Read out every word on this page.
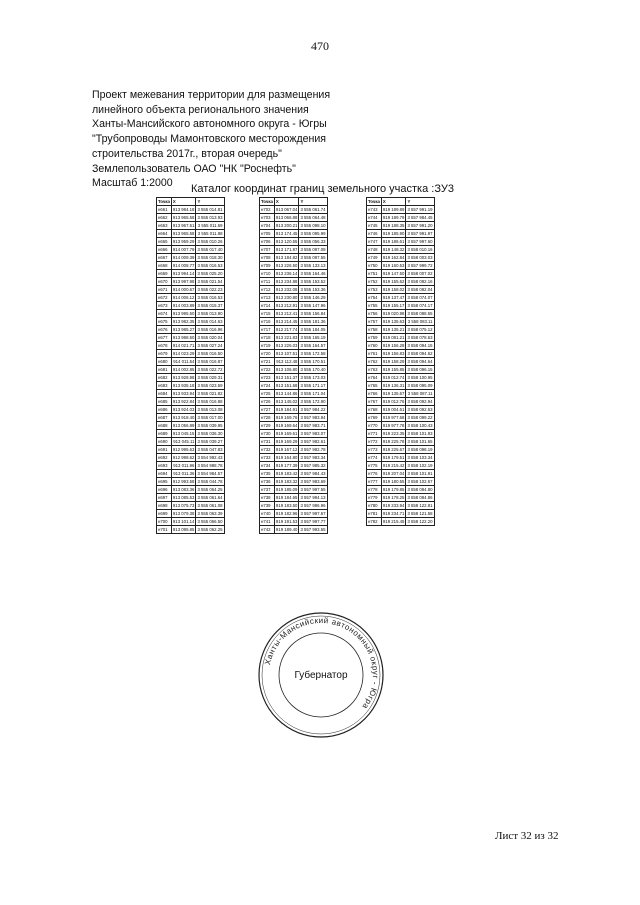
470
Проект межевания территории для размещения
линейного объекта регионального значения
Ханты-Мансийского автономного округа - Югры
"Трубопроводы Мамонтовского месторождения
строительства 2017г., вторая очередь"
Землепользователь ОАО "НК "Роснефть"
Масштаб 1:2000	Каталог координат границ земельного участка :ЗУ3
Точка	X	Y
н661	913 984.18	3 555 014.81
н662	913 965.58	3 555 013.93
н663	913 967.51	3 555 011.69
н664	913 965.58	3 555 011.88
н665	913 959.29	3 555 010.26
н666	914 007.79	3 555 017.40
н667	914 009.39	3 555 018.30
н668	914 008.77	3 555 016.53
н669	913 994.14	3 555 025.20
н670	913 997.98	3 555 021.54
н671	914 000.67	3 555 022.23
н672	914 006.12	3 555 016.53
н673	914 003.89	3 555 015.37
н674	913 995.50	3 555 013.90
н675	913 982.35	3 555 014.63
н676	913 985.27	3 555 016.96
н677	913 988.50	3 555 020.04
н678	914 021.71	3 555 027.24
н679	914 023.29	3 555 016.50
н680	914 011.54	3 555 016.87
н681	914 002.85	3 555 022.72
н682	913 928.98	3 555 029.31
н683	913 935.18	3 555 023.59
н684	913 933.94	3 555 021.82
н685	913 922.84	3 555 016.88
н686	913 924.03	3 555 013.08
н687	913 918.40	3 555 017.00
н688	913 056.89	3 555 039.95
н689	913 045.15	3 555 036.30
н690	913 045.11	3 555 039.27
н691	912 995.63	3 555 047.83
н692	912 998.62	3 554 992.43
н693	913 011.96	3 554 988.78
н694	913 011.36	3 554 984.57
н695	912 993.58	3 555 044.78
н696	913 083.36	3 555 064.25
н697	913 085.53	3 555 061.64
н698	913 075.73	3 555 061.08
н699	913 079.38	3 555 063.39
н700	913 101.14	3 555 066.50
н701	913 095.85	3 555 062.25
Точка	X	Y
н702	913 067.04	3 555 061.74
н703	913 066.88	3 555 064.48
н704	913 200.21	3 555 098.10
н705	913 174.45	3 555 095.99
н706	913 120.55	3 555 056.33
н707	913 171.97	3 555 097.08
н708	913 184.82	3 555 097.55
н709	913 226.50	3 555 133.13
н710	913 236.14	3 555 164.46
н711	913 234.88	3 555 153.52
н712	913 232.08	3 555 153.36
н713	913 230.80	3 555 146.29
н714	913 212.91	3 555 147.96
н715	913 212.41	3 555 156.84
н716	913 214.45	3 555 181.36
н717	912 217.74	3 555 184.05
н718	913 221.83	3 555 165.19
н719	913 226.03	3 555 164.57
н720	913 107.51	3 555 172.58
н721	913 112.48	3 555 170.51
н722	913 106.80	3 555 170.40
н723	913 151.37	3 555 173.03
н724	913 151.68	3 555 171.17
н725	913 144.86	3 555 171.04
н726	913 145.02	3 555 172.90
н727	919 184.91	3 557 984.22
н728	919 169.76	3 557 983.94
н729	919 169.64	3 557 983.71
н730	919 169.61	3 557 983.07
н731	919 169.29	3 557 982.61
н732	919 167.12	3 557 982.78
н733	919 164.80	3 557 983.34
н734	919 177.39	3 557 985.32
н735	919 183.42	3 557 984.43
н736	919 183.32	3 557 983.69
н737	919 185.09	3 557 997.55
н738	919 184.65	3 557 994.13
н739	919 183.50	3 557 996.96
н740	919 182.96	3 557 997.67
н741	919 191.53	3 557 997.77
н742	919 189.40	3 557 993.55
Точка	X	Y
н743	919 189.89	3 557 991.19
н744	919 189.79	3 557 984.45
н745	919 188.35	3 557 991.20
н746	919 185.90	3 557 991.97
н747	919 186.61	3 557 997.60
н748	919 148.32	3 558 010.16
н749	919 162.84	3 558 003.03
н750	919 160.53	3 557 999.72
н751	919 147.50	3 558 007.02
н752	919 155.62	3 558 082.16
н753	919 158.02	3 558 082.04
н754	919 137.47	3 558 074.07
н755	919 155.17	3 558 074.17
н756	919 020.98	3 558 088.55
н757	919 135.63	3 558 083.11
н758	919 135.21	3 558 075.12
н759	919 081.21	3 558 078.63
н760	919 156.28	3 558 094.15
н761	919 156.83	3 558 094.62
н762	919 158.29	3 558 094.64
н763	919 155.85	3 558 096.15
н764	919 012.74	3 558 100.95
н765	919 136.31	3 558 095.09
н766	919 135.67	3 558 087.11
н767	919 012.76	3 558 092.94
н768	919 004.61	3 558 092.53
н769	919 977.68	3 558 099.22
н770	919 977.78	3 558 100.43
н771	919 223.35	3 558 101.93
н772	919 225.78	3 558 101.65
н773	919 225.67	3 558 098.19
н774	919 179.51	3 558 103.34
н775	919 215.42	3 558 102.19
н776	919 207.04	3 558 101.91
н777	919 180.55	3 558 102.67
н778	919 179.85	3 558 084.80
н779	919 178.25	3 558 084.86
н780	919 233.94	3 558 122.81
н781	919 234.71	3 558 121.58
н782	919 215.45	3 558 122.20
Ханты-Мансийский автономный округ - Югра
Губернатор
Лист 32 из 32
